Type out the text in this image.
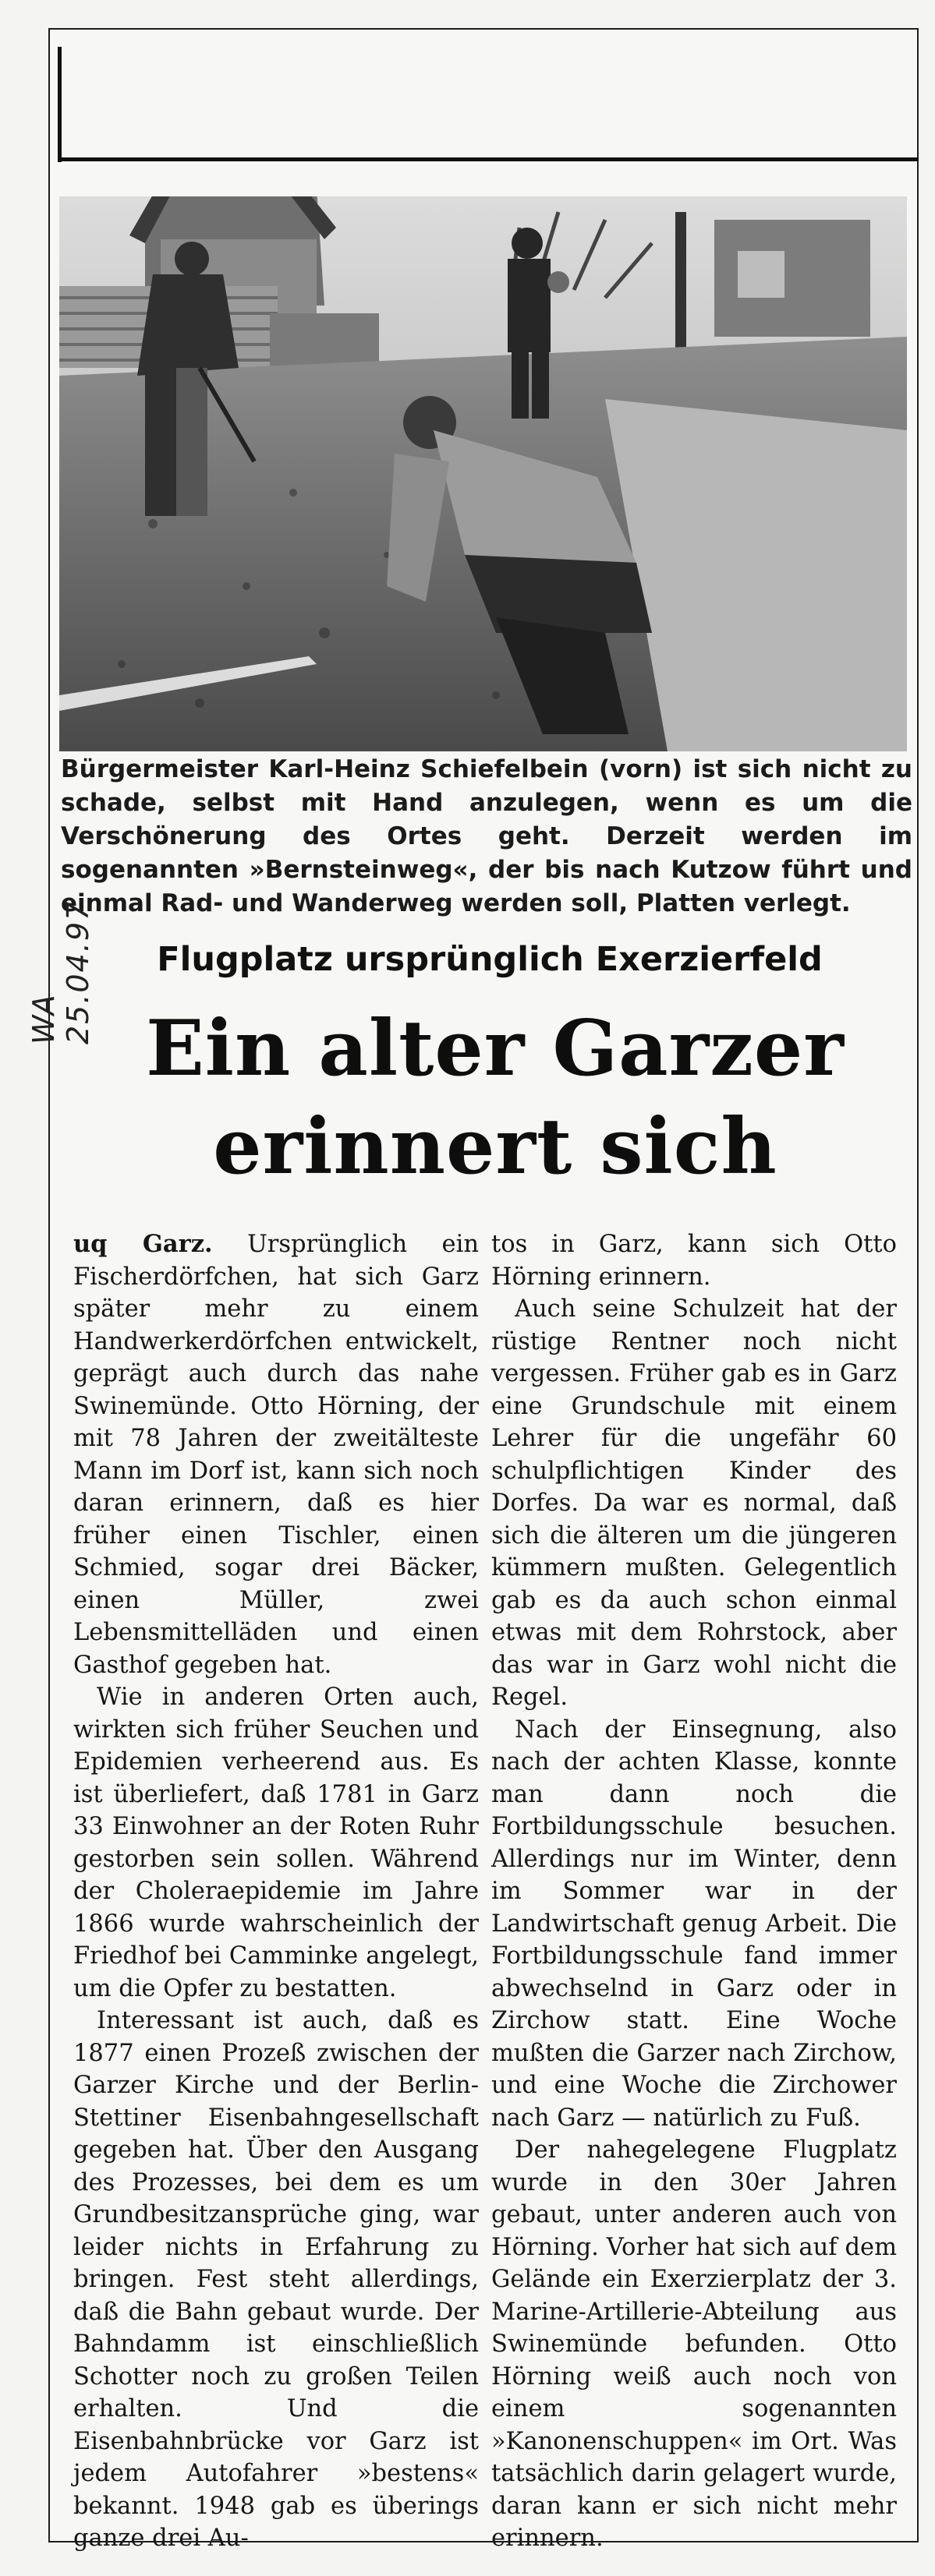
Bürgermeister Karl-Heinz Schiefelbein (vorn) ist sich nicht zu schade, selbst mit Hand anzulegen, wenn es um die Verschönerung des Ortes geht. Derzeit werden im sogenannten »Bernsteinweg«, der bis nach Kutzow führt und einmal Rad- und Wanderweg werden soll, Platten verlegt.
Flugplatz ursprünglich Exerzierfeld
Ein alter Garzer
erinnert sich
WA 25.04.97

uq Garz. Ursprünglich ein Fischerdörfchen, hat sich Garz später mehr zu einem Handwerkerdörfchen entwickelt, geprägt auch durch das nahe Swinemünde. Otto Hörning, der mit 78 Jahren der zweitälteste Mann im Dorf ist, kann sich noch daran erinnern, daß es hier früher einen Tischler, einen Schmied, sogar drei Bäcker, einen Müller, zwei Lebensmittelläden und einen Gasthof gegeben hat.

Wie in anderen Orten auch, wirkten sich früher Seuchen und Epidemien verheerend aus. Es ist überliefert, daß 1781 in Garz 33 Einwohner an der Roten Ruhr gestorben sein sollen. Während der Choleraepidemie im Jahre 1866 wurde wahrscheinlich der Friedhof bei Camminke angelegt, um die Opfer zu bestatten.

Interessant ist auch, daß es 1877 einen Prozeß zwischen der Garzer Kirche und der Berlin-Stettiner Eisenbahngesellschaft gegeben hat. Über den Ausgang des Prozesses, bei dem es um Grundbesitzansprüche ging, war leider nichts in Erfahrung zu bringen. Fest steht allerdings, daß die Bahn gebaut wurde. Der Bahndamm ist einschließlich Schotter noch zu großen Teilen erhalten. Und die Eisenbahnbrücke vor Garz ist jedem Autofahrer »bestens« bekannt. 1948 gab es überings ganze drei Au-

tos in Garz, kann sich Otto Hörning erinnern.

Auch seine Schulzeit hat der rüstige Rentner noch nicht vergessen. Früher gab es in Garz eine Grundschule mit einem Lehrer für die ungefähr 60 schulpflichtigen Kinder des Dorfes. Da war es normal, daß sich die älteren um die jüngeren kümmern mußten. Gelegentlich gab es da auch schon einmal etwas mit dem Rohrstock, aber das war in Garz wohl nicht die Regel.

Nach der Einsegnung, also nach der achten Klasse, konnte man dann noch die Fortbildungsschule besuchen. Allerdings nur im Winter, denn im Sommer war in der Landwirtschaft genug Arbeit. Die Fortbildungsschule fand immer abwechselnd in Garz oder in Zirchow statt. Eine Woche mußten die Garzer nach Zirchow, und eine Woche die Zirchower nach Garz — natürlich zu Fuß.

Der nahegelegene Flugplatz wurde in den 30er Jahren gebaut, unter anderen auch von Hörning. Vorher hat sich auf dem Gelände ein Exerzierplatz der 3. Marine-Artillerie-Abteilung aus Swinemünde befunden. Otto Hörning weiß auch noch von einem sogenannten »Kanonenschuppen« im Ort. Was tatsächlich darin gelagert wurde, daran kann er sich nicht mehr erinnern.
